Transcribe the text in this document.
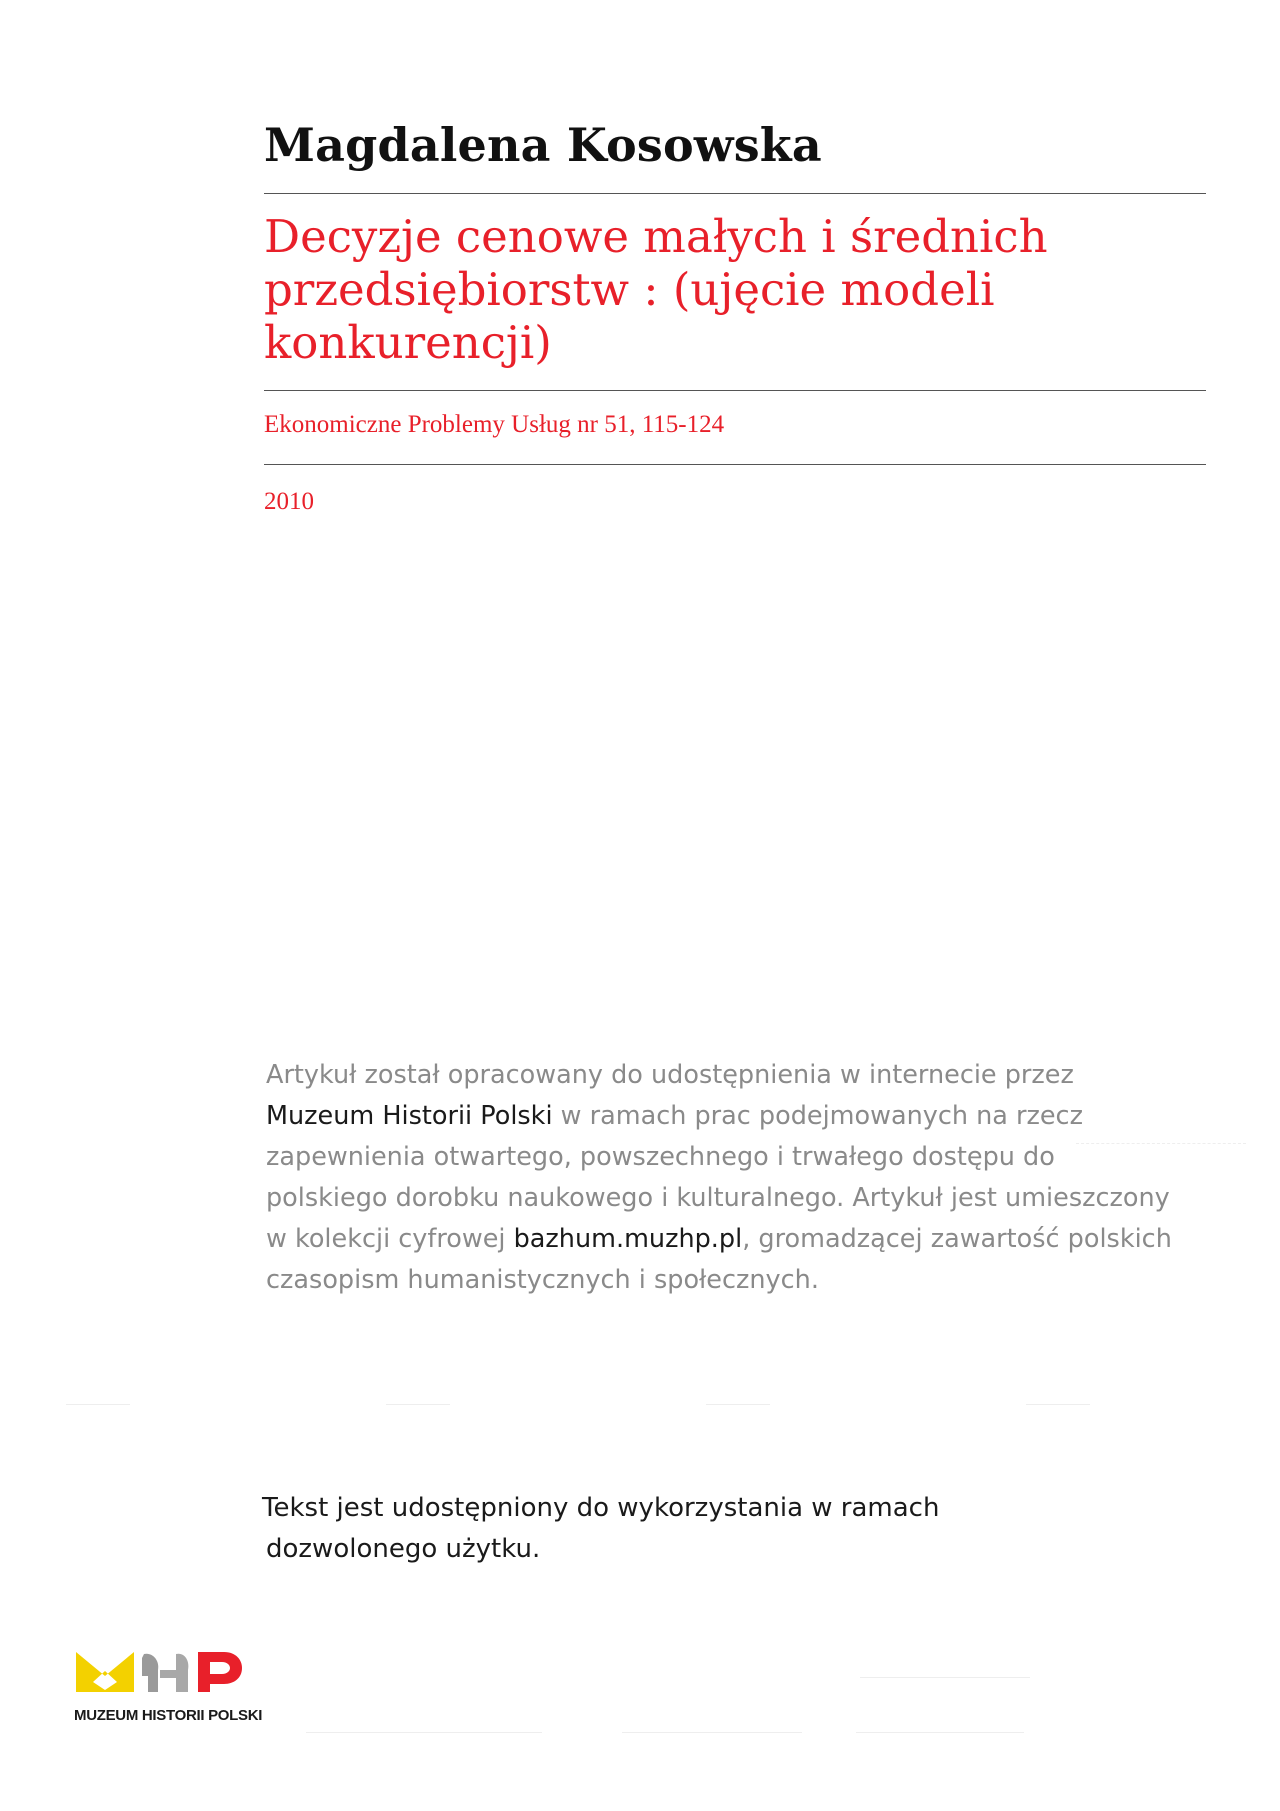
Magdalena Kosowska
Decyzje cenowe małych i średnich przedsiębiorstw : (ujęcie modeli konkurencji)
Ekonomiczne Problemy Usług nr 51, 115-124
2010

Artykuł został opracowany do udostępnienia w internecie przez

Muzeum Historii Polski w ramach prac podejmowanych na rzecz

zapewnienia otwartego, powszechnego i trwałego dostępu do

polskiego dorobku naukowego i kulturalnego. Artykuł jest umieszczony

w kolekcji cyfrowej bazhum.muzhp.pl, gromadzącej zawartość polskich

czasopism humanistycznych i społecznych.

Tekst jest udostępniony do wykorzystania w ramach

dozwolonego użytku.

MUZEUM HISTORII POLSKI
